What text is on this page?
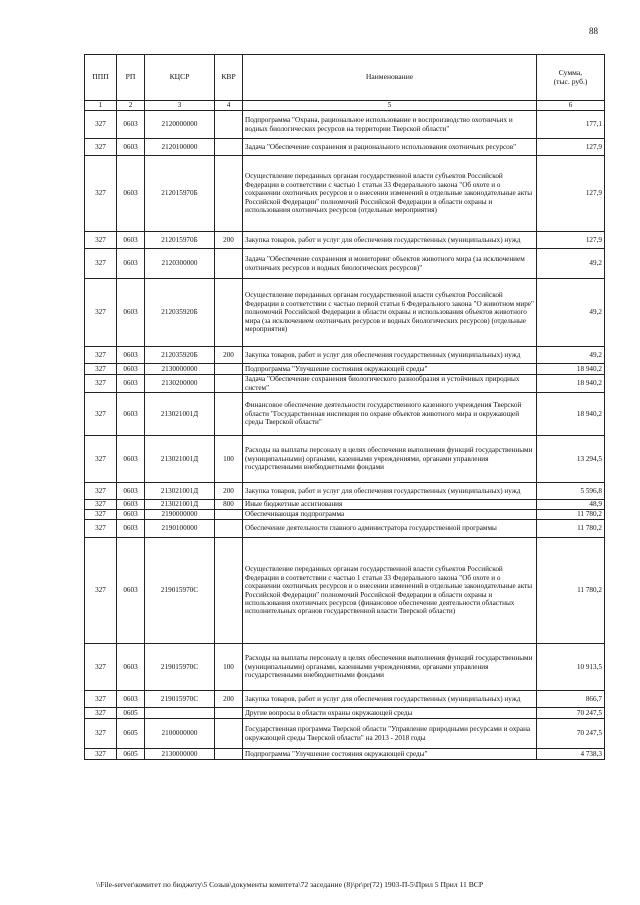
88
ППП	РП	КЦСР	КВР	Наименование	Сумма,
(тыс. руб.)
1	2	3	4	5	6
327	0603	2120000000		Подпрограмма "Охрана, рациональное использование и воспроизводство охотничьих и водных биологических ресурсов на территории Тверской области"	177,1
327	0603	2120100000		Задача "Обеспечение сохранения и рационального использования охотничьих ресурсов"	127,9
327	0603	212015970Б		Осуществление переданных органам государственной власти субъектов Российской Федерации в соответствии с частью 1 статьи 33 Федерального закона "Об охоте и о сохранении охотничьих ресурсов и о внесении изменений в отдельные законодательные акты Российской Федерации" полномочий Российской Федерации в области охраны и использования охотничьих ресурсов (отдельные мероприятия)	127,9
327	0603	212015970Б	200	Закупка товаров, работ и услуг для обеспечения государственных (муниципальных) нужд	127,9
327	0603	2120300000		Задача "Обеспечение сохранения и мониторинг объектов животного мира (за исключением охотничьих ресурсов и водных биологических ресурсов)"	49,2
327	0603	212035920Б		Осуществление переданных органам государственной власти субъектов Российской Федерации в соответствии с частью первой статьи 6 Федерального закона "О животном мире" полномочий Российской Федерации в области охраны и использования объектов животного мира (за исключением охотничьих ресурсов и водных биологических ресурсов) (отдельные мероприятия)	49,2
327	0603	212035920Б	200	Закупка товаров, работ и услуг для обеспечения государственных (муниципальных) нужд	49,2
327	0603	2130000000		Подпрограмма "Улучшение состояния окружающей среды"	18 940,2
327	0603	2130200000		Задача "Обеспечение сохранения биологического разнообразия и устойчивых природных систем"	18 940,2
327	0603	213021001Д		Финансовое обеспечение деятельности государственного казенного учреждения Тверской области "Государственная инспекция по охране объектов животного мира и окружающей среды Тверской области"	18 940,2
327	0603	213021001Д	100	Расходы на выплаты персоналу в целях обеспечения выполнения функций государственными (муниципальными) органами, казенными учреждениями, органами управления государственными внебюджетными фондами	13 294,5
327	0603	213021001Д	200	Закупка товаров, работ и услуг для обеспечения государственных (муниципальных) нужд	5 596,8
327	0603	213021001Д	800	Иные бюджетные ассигнования	48,9
327	0603	2190000000		Обеспечивающая подпрограмма	11 780,2
327	0603	2190100000		Обеспечение деятельности главного администратора государственной программы	11 780,2
327	0603	219015970С		Осуществление переданных органам государственной власти субъектов Российской Федерации в соответствии с частью 1 статьи 33 Федерального закона "Об охоте и о сохранении охотничьих ресурсов и о внесении изменений в отдельные законодательные акты Российской Федерации" полномочий Российской Федерации в области охраны и использования охотничьих ресурсов (финансовое обеспечение деятельности областных исполнительных органов государственной власти Тверской области)	11 780,2
327	0603	219015970С	100	Расходы на выплаты персоналу в целях обеспечения выполнения функций государственными (муниципальными) органами, казенными учреждениями, органами управления государственными внебюджетными фондами	10 913,5
327	0603	219015970С	200	Закупка товаров, работ и услуг для обеспечения государственных (муниципальных) нужд	866,7
327	0605			Другие вопросы в области охраны окружающей среды	70 247,5
327	0605	2100000000		Государственная программа Тверской области "Управление природными ресурсами и охрана окружающей среды Тверской области" на 2013 - 2018 годы	70 247,5
327	0605	2130000000		Подпрограмма "Улучшение состояния окружающей среды"	4 738,3
\\File-server\комитет по бюджету\5 Созыв\документы комитета\72 заседание (8)\pr\pr(72) 1903-П-5\Прил 5 Прил 11 ВСР
